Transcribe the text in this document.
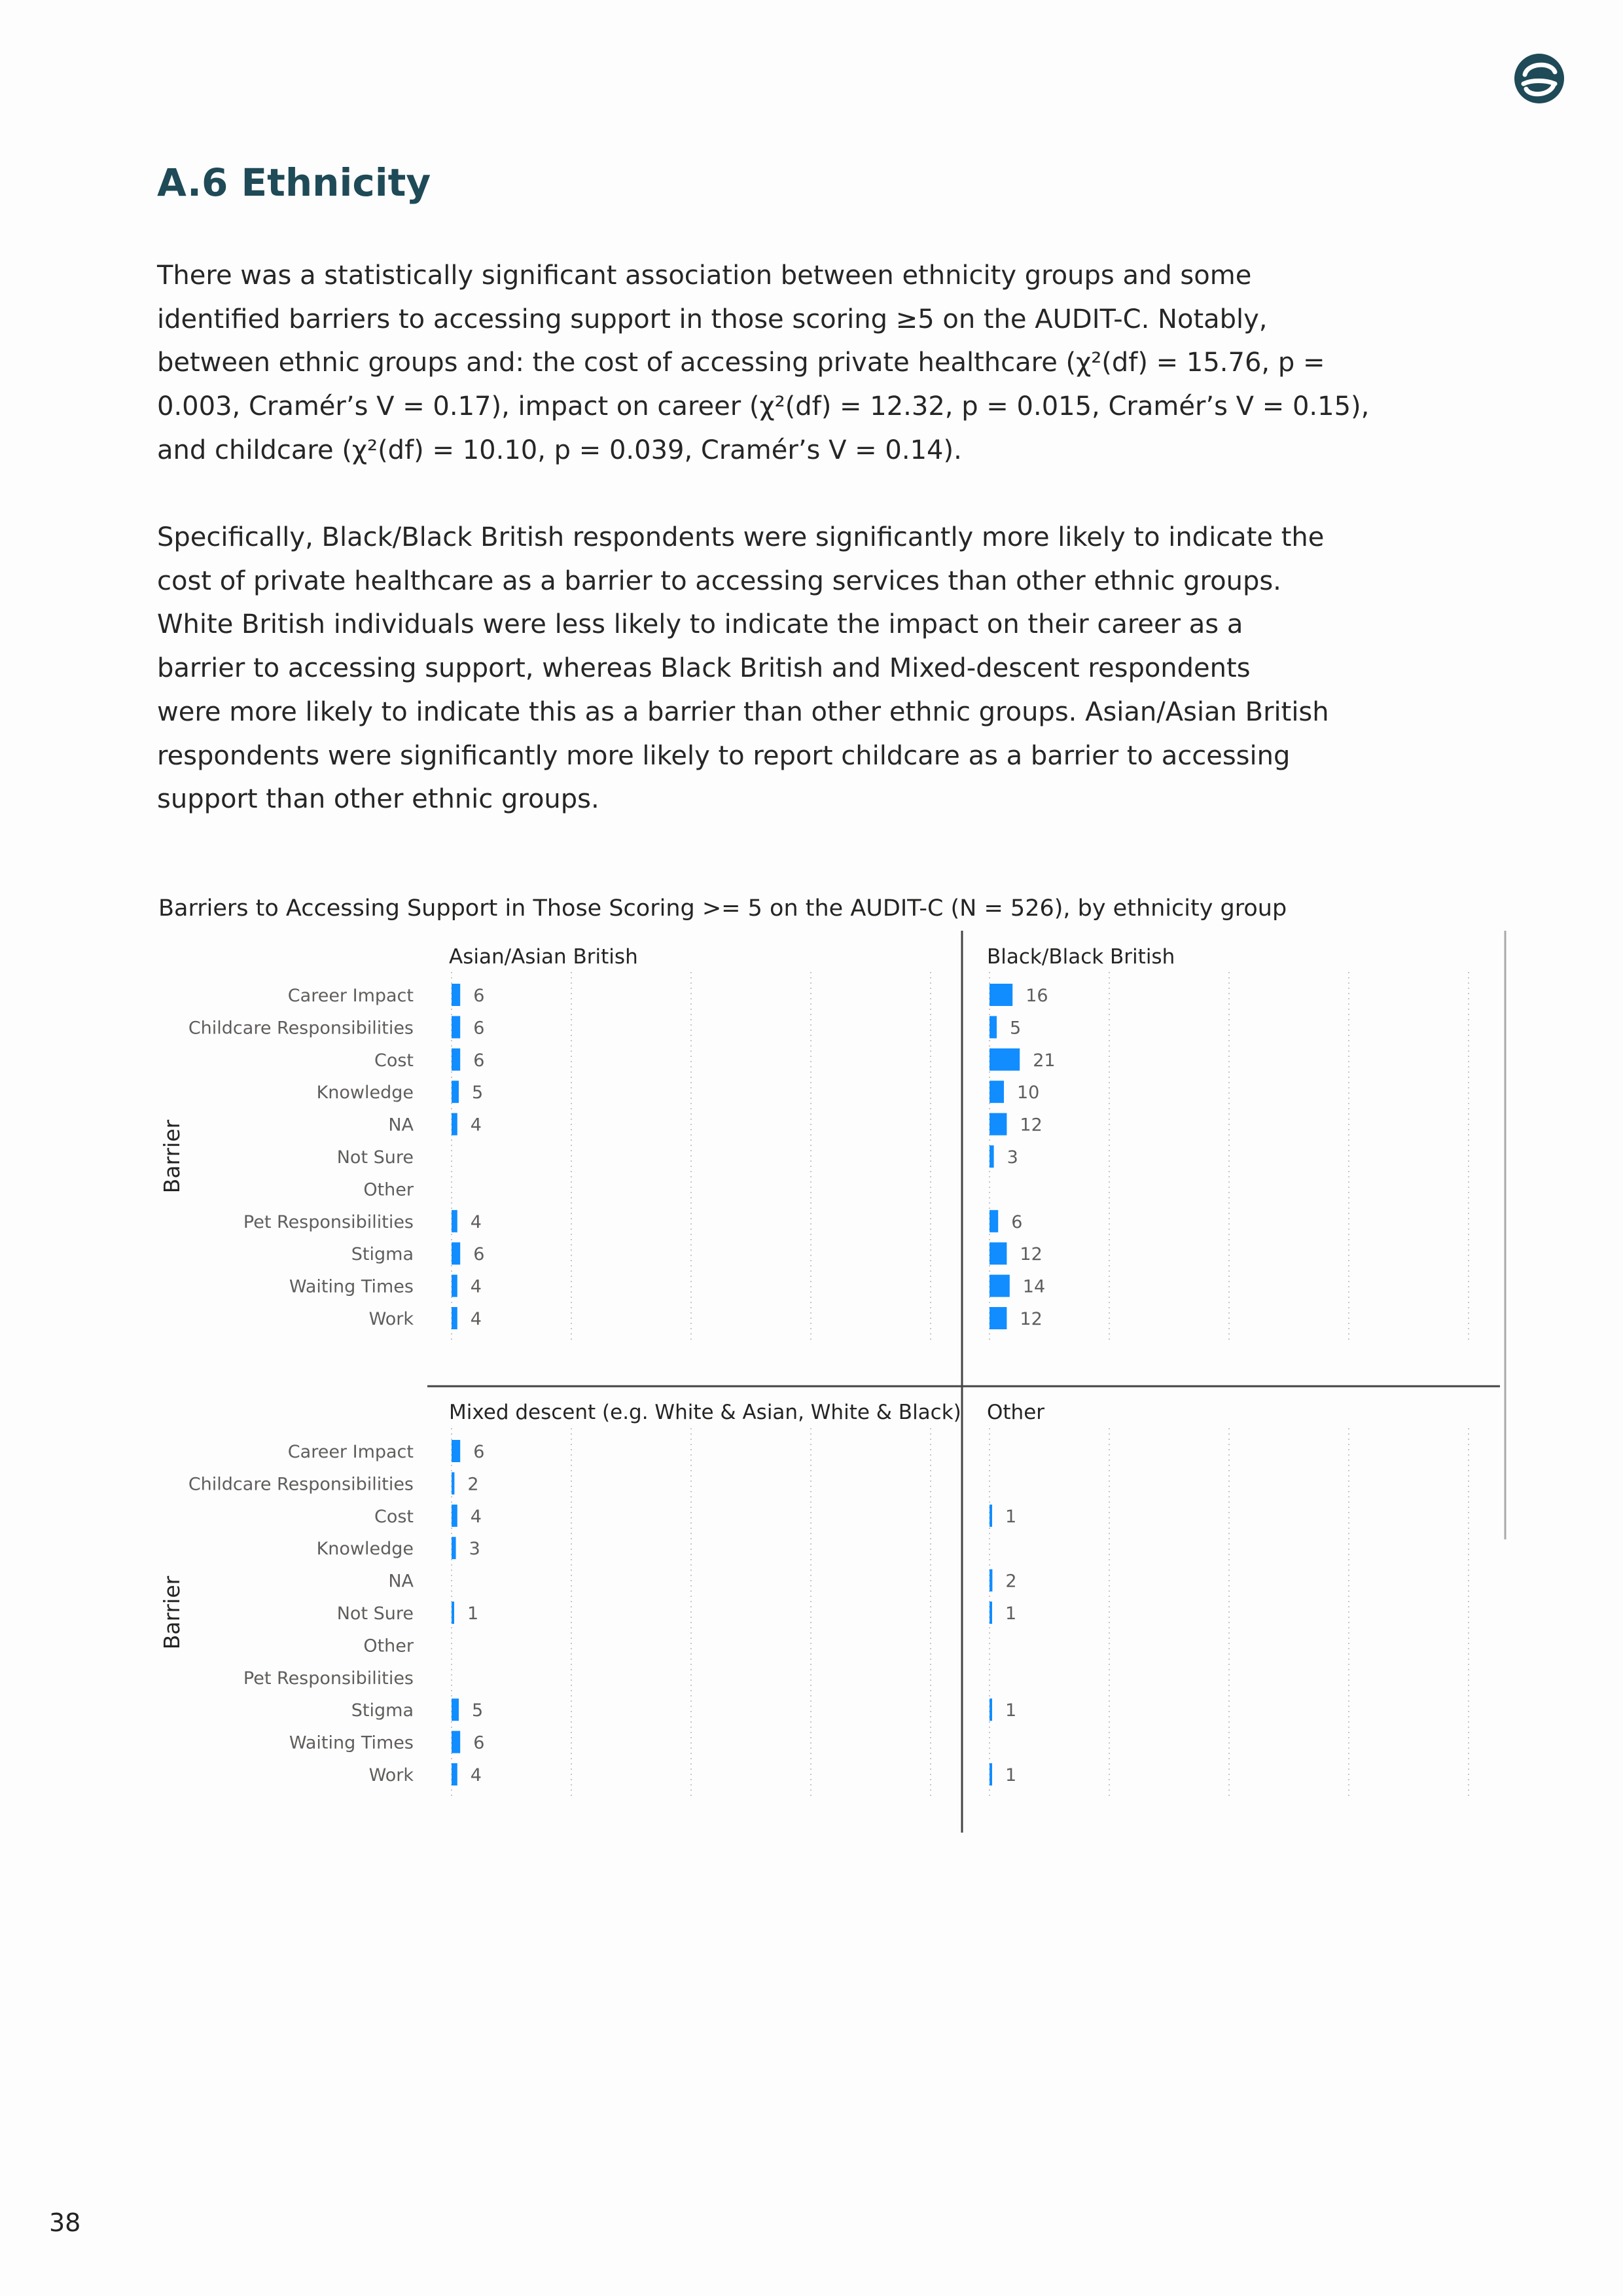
A.6 Ethnicity

There was a statistically significant association between ethnicity groups and some
identified barriers to accessing support in those scoring ≥5 on the AUDIT-C. Notably,
between ethnic groups and: the cost of accessing private healthcare (χ²(df) = 15.76, p =
0.003, Cramér’s V = 0.17), impact on career (χ²(df) = 12.32, p = 0.015, Cramér’s V = 0.15),
and childcare (χ²(df) = 10.10, p = 0.039, Cramér’s V = 0.14).

Specifically, Black/Black British respondents were significantly more likely to indicate the
cost of private healthcare as a barrier to accessing services than other ethnic groups.
White British individuals were less likely to indicate the impact on their career as a
barrier to accessing support, whereas Black British and Mixed-descent respondents
were more likely to indicate this as a barrier than other ethnic groups. Asian/Asian British
respondents were significantly more likely to report childcare as a barrier to accessing
support than other ethnic groups.

Barriers to Accessing Support in Those Scoring >= 5 on the AUDIT-C (N = 526), by ethnicity group
Barrier
Career Impact
Childcare Responsibilities
Cost
Knowledge
NA
Not Sure
Other
Pet Responsibilities
Stigma
Waiting Times
Work
Barrier
Career Impact
Childcare Responsibilities
Cost
Knowledge
NA
Not Sure
Other
Pet Responsibilities
Stigma
Waiting Times
Work
Asian/Asian British
6
6
6
5
4
4
6
4
4
Black/Black British
16
5
21
10
12
3
6
12
14
12
Mixed descent (e.g. White & Asian, White & Black)
6
2
4
3
1
5
6
4
Other
1
2
1
1
1
38
